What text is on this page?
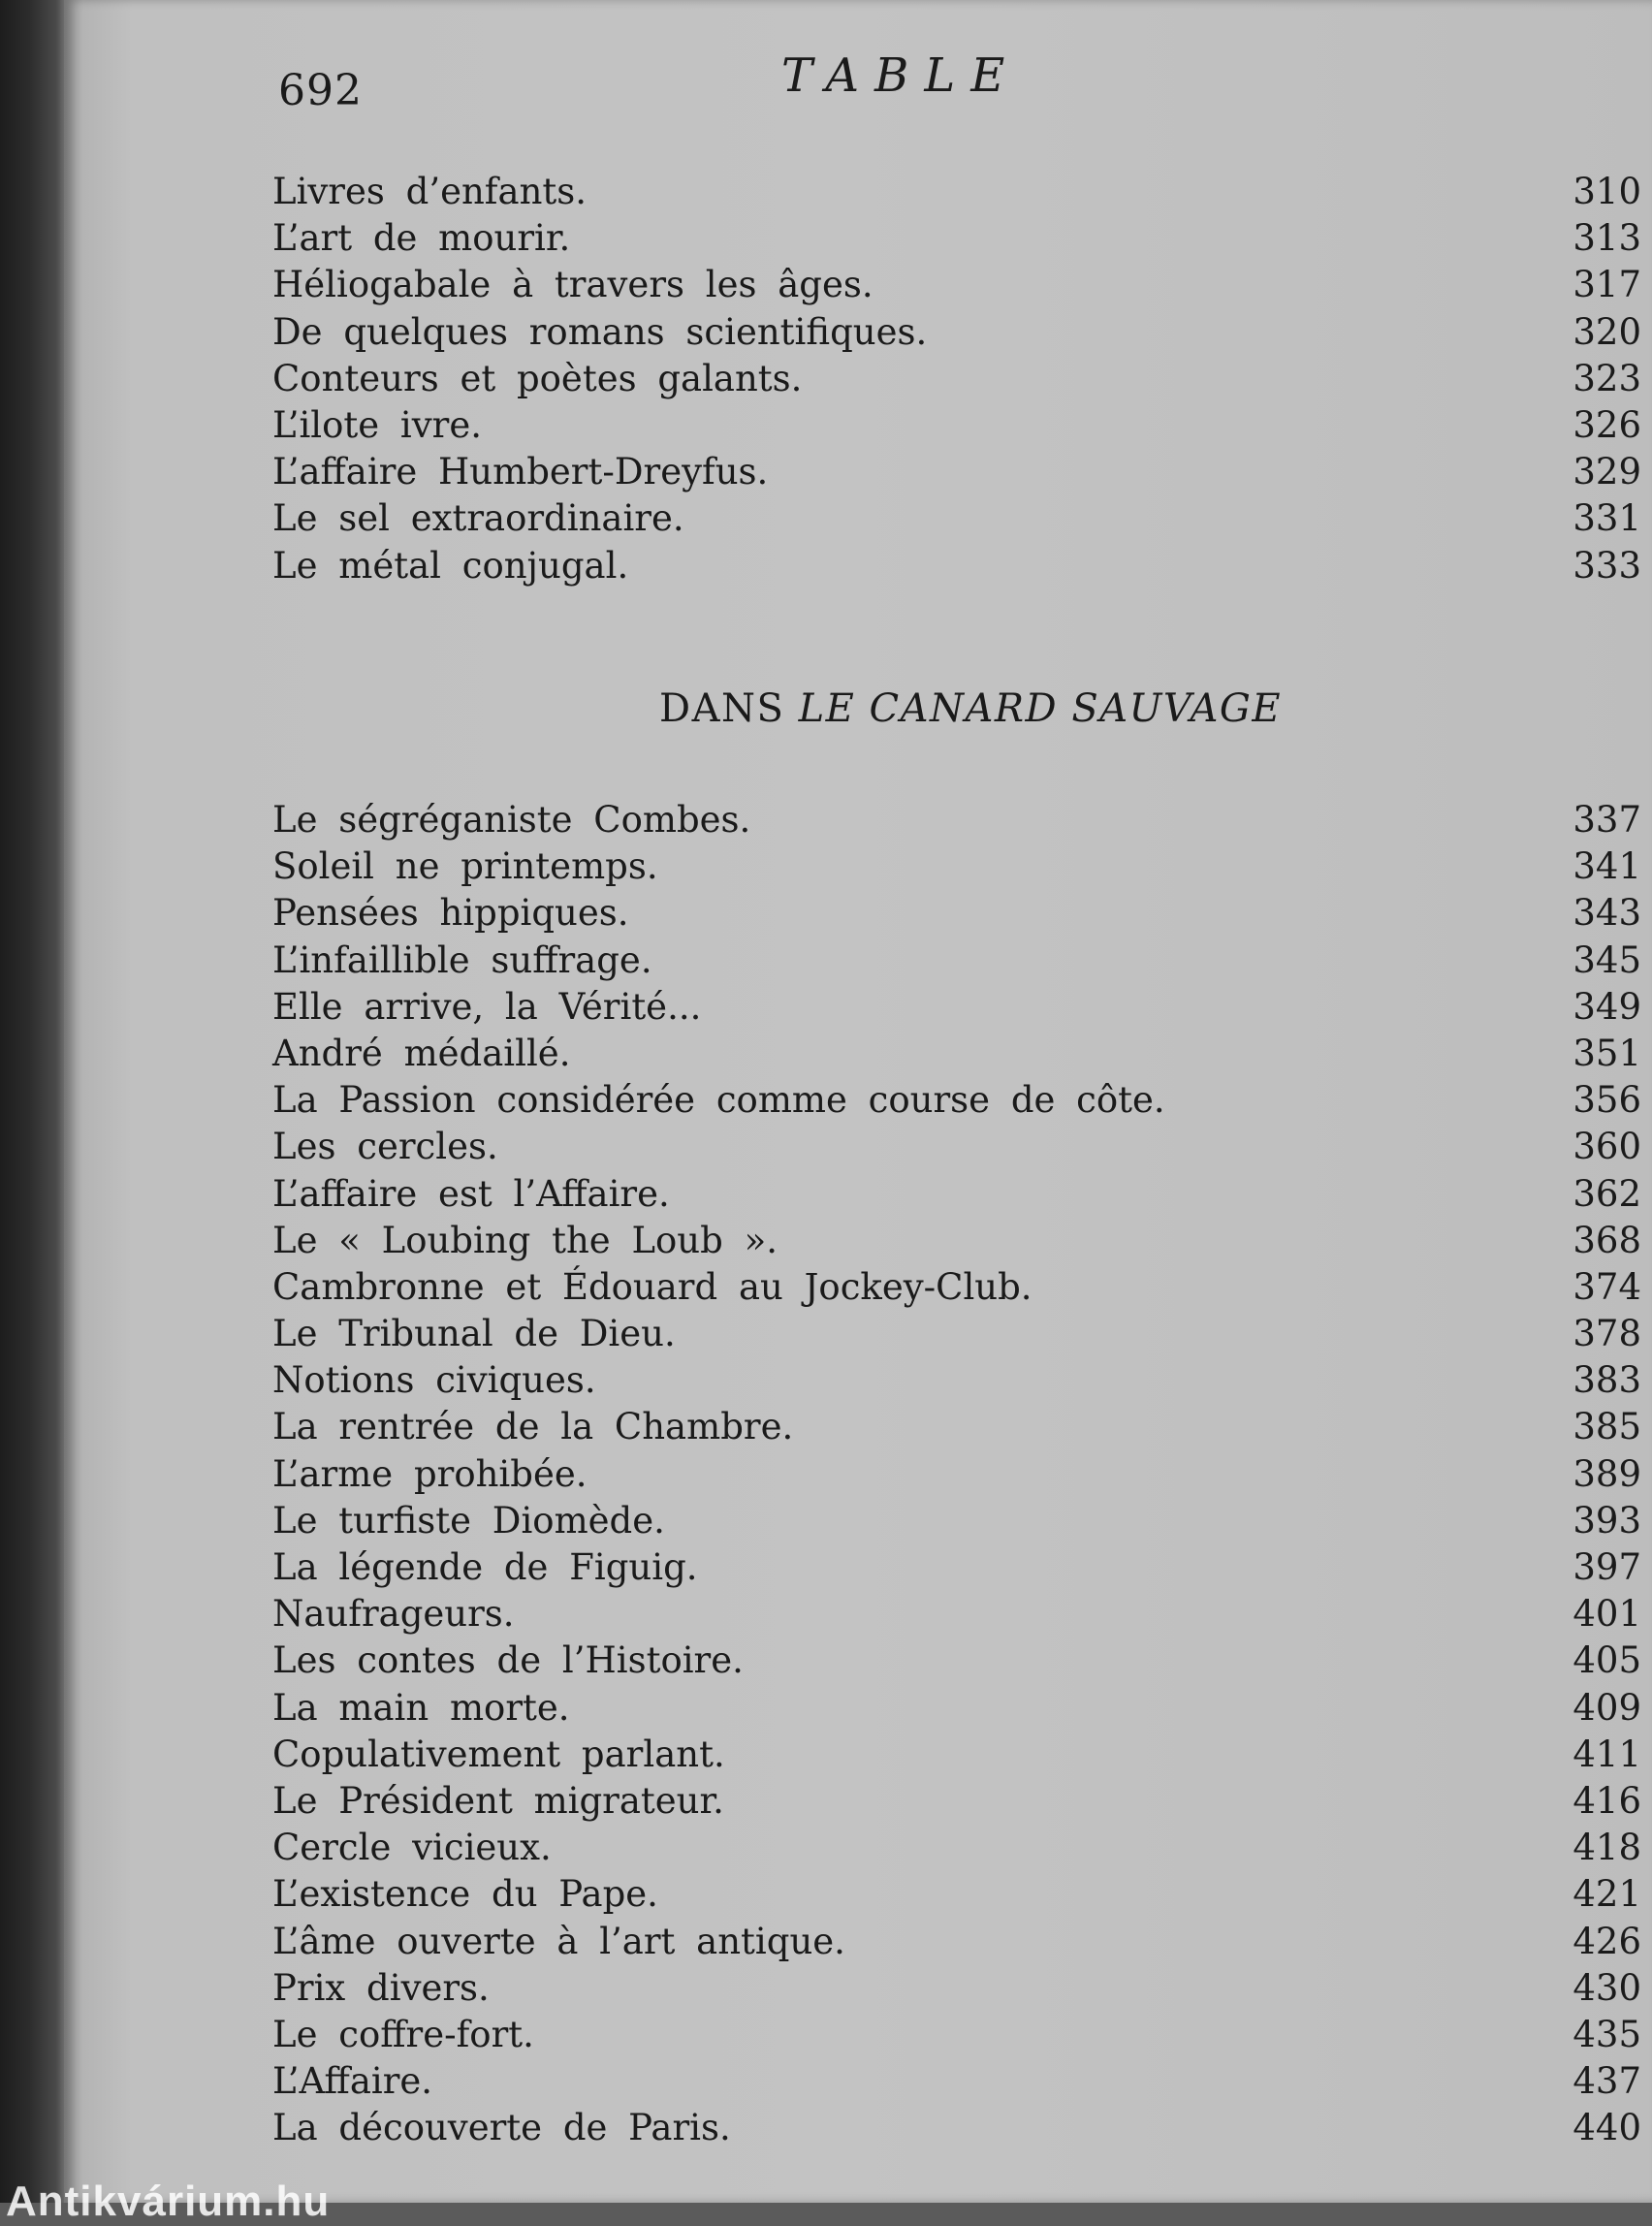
692	TABLE
Livres d’enfants.	310
L’art de mourir.	313
Héliogabale à travers les âges.	317
De quelques romans scientifiques.	320
Conteurs et poètes galants.	323
L’ilote ivre.	326
L’affaire Humbert-Dreyfus.	329
Le sel extraordinaire.	331
Le métal conjugal.	333
DANS LE CANARD SAUVAGE
Le ségréganiste Combes.	337
Soleil ne printemps.	341
Pensées hippiques.	343
L’infaillible suffrage.	345
Elle arrive, la Vérité...	349
André médaillé.	351
La Passion considérée comme course de côte.	356
Les cercles.	360
L’affaire est l’Affaire.	362
Le « Loubing the Loub ».	368
Cambronne et Édouard au Jockey-Club.	374
Le Tribunal de Dieu.	378
Notions civiques.	383
La rentrée de la Chambre.	385
L’arme prohibée.	389
Le turfiste Diomède.	393
La légende de Figuig.	397
Naufrageurs.	401
Les contes de l’Histoire.	405
La main morte.	409
Copulativement parlant.	411
Le Président migrateur.	416
Cercle vicieux.	418
L’existence du Pape.	421
L’âme ouverte à l’art antique.	426
Prix divers.	430
Le coffre-fort.	435
L’Affaire.	437
La découverte de Paris.	440
Antikvárium.hu
